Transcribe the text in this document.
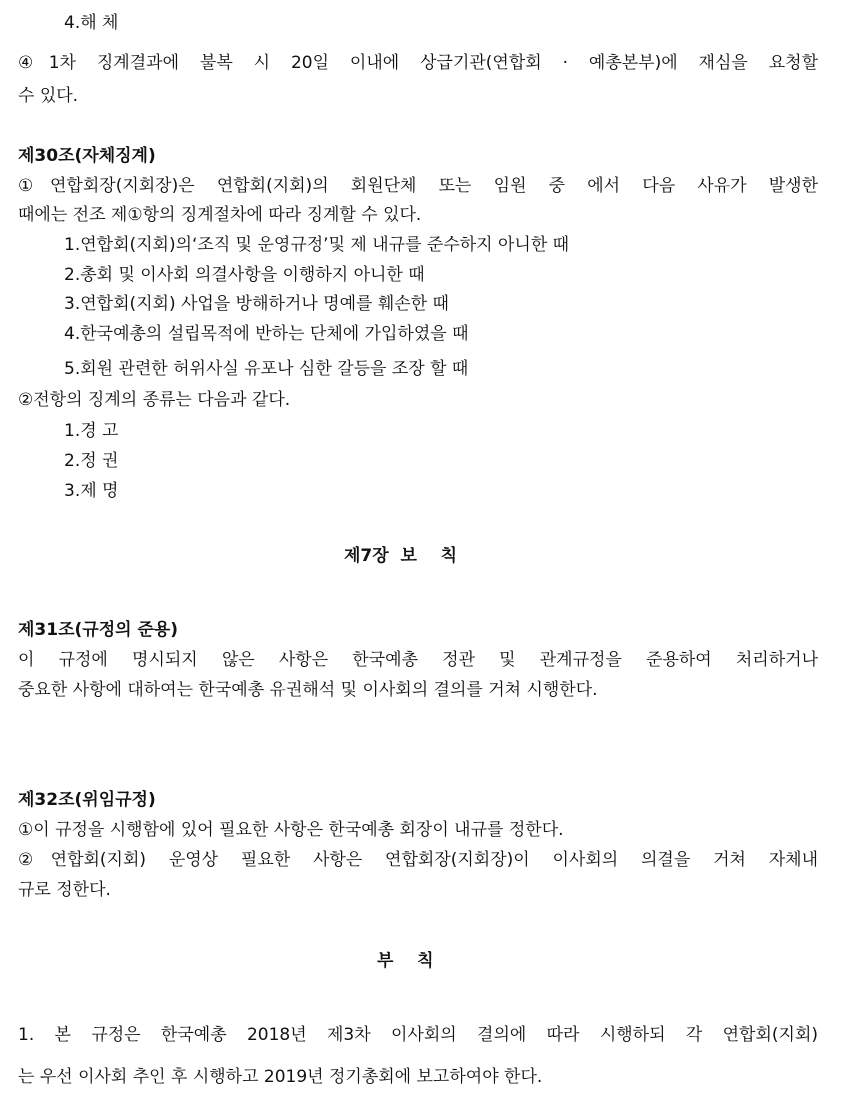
4.해 체
④1차 징계결과에 불복 시 20일 이내에 상급기관(연합회 · 예총본부)에 재심을 요청할
수 있다.
제30조(자체징계)
①연합회장(지회장)은 연합회(지회)의 회원단체 또는 임원 중 에서 다음 사유가 발생한
때에는 전조 제①항의 징계절차에 따라 징계할 수 있다.
1.연합회(지회)의‘조직 및 운영규정’및 제 내규를 준수하지 아니한 때
2.총회 및 이사회 의결사항을 이행하지 아니한 때
3.연합회(지회) 사업을 방해하거나 명예를 훼손한 때
4.한국예총의 설립목적에 반하는 단체에 가입하였을 때
5.회원 관련한 허위사실 유포나 심한 갈등을 조장 할 때
②전항의 징계의 종류는 다음과 같다.
1.경 고
2.정 권
3.제 명
제7장  보    칙
제31조(규정의 준용)
이 규정에 명시되지 않은 사항은 한국예총 정관 및 관계규정을 준용하여 처리하거나
중요한 사항에 대하여는 한국예총 유권해석 및 이사회의 결의를 거쳐 시행한다.
제32조(위임규정)
①이 규정을 시행함에 있어 필요한 사항은 한국예총 회장이 내규를 정한다.
②연합회(지회) 운영상 필요한 사항은 연합회장(지회장)이 이사회의 의결을 거쳐 자체내
규로 정한다.
부    칙
1. 본 규정은 한국예총 2018년 제3차 이사회의 결의에 따라 시행하되 각 연합회(지회)
는 우선 이사회 추인 후 시행하고 2019년 정기총회에 보고하여야 한다.
